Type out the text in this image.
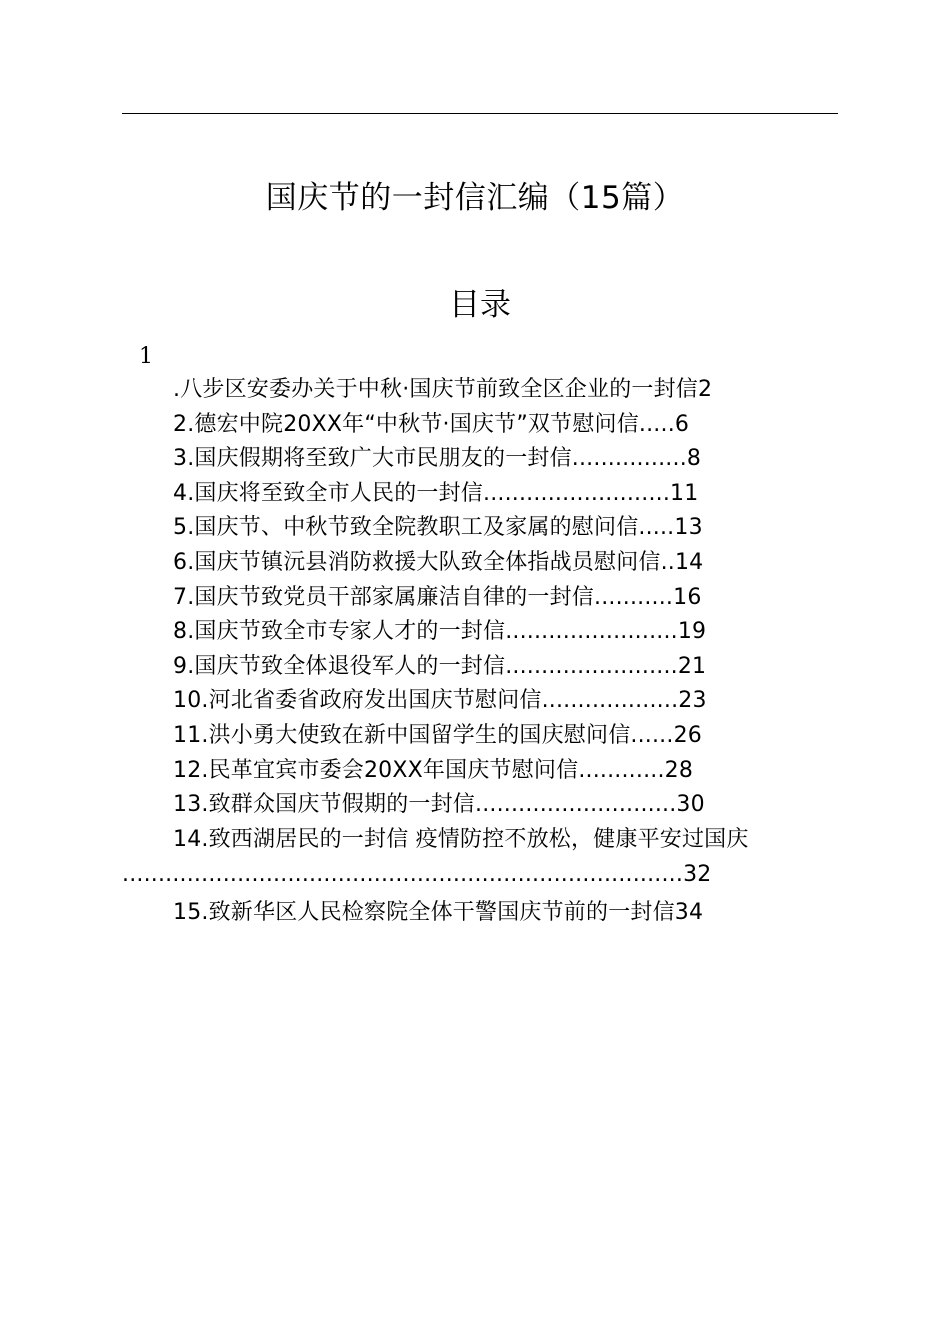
国庆节的一封信汇编（15篇）
目录
1
.八步区安委办关于中秋·国庆节前致全区企业的一封信2
2.德宏中院20XX年“中秋节·国庆节”双节慰问信.....6
3.国庆假期将至致广大市民朋友的一封信................8
4.国庆将至致全市人民的一封信..........................11
5.国庆节、中秋节致全院教职工及家属的慰问信.....13
6.国庆节镇沅县消防救援大队致全体指战员慰问信..14
7.国庆节致党员干部家属廉洁自律的一封信...........16
8.国庆节致全市专家人才的一封信........................19
9.国庆节致全体退役军人的一封信........................21
10.河北省委省政府发出国庆节慰问信...................23
11.洪小勇大使致在新中国留学生的国庆慰问信......26
12.民革宜宾市委会20XX年国庆节慰问信............28
13.致群众国庆节假期的一封信............................30
14.致西湖居民的一封信 疫情防控不放松，健康平安过国庆
..............................................................................32
15.致新华区人民检察院全体干警国庆节前的一封信34
